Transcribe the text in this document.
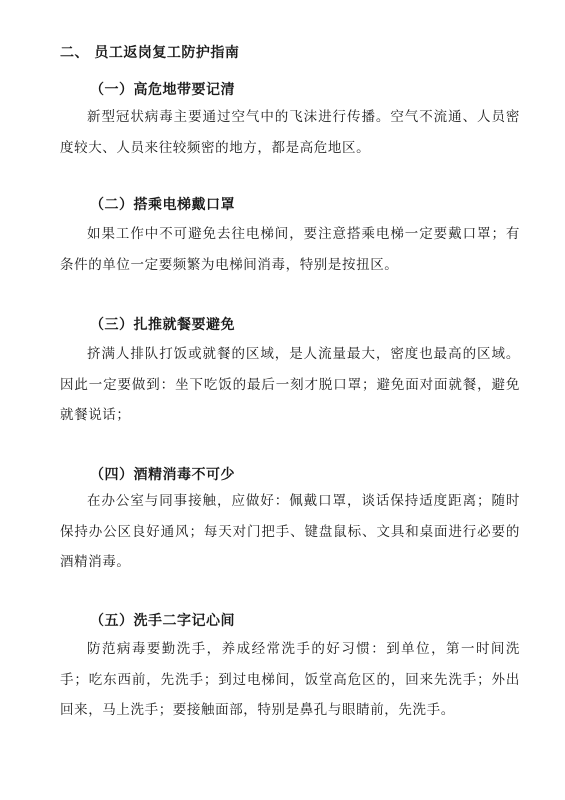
二、 员工返岗复工防护指南
（一）高危地带要记清
新型冠状病毒主要通过空气中的飞沫进行传播。空气不流通、人员密度较大、人员来往较频密的地方，都是高危地区。
（二）搭乘电梯戴口罩
如果工作中不可避免去往电梯间，要注意搭乘电梯一定要戴口罩；有条件的单位一定要频繁为电梯间消毒，特别是按扭区。
（三）扎推就餐要避免
挤满人排队打饭或就餐的区域，是人流量最大，密度也最高的区域。因此一定要做到：坐下吃饭的最后一刻才脱口罩；避免面对面就餐，避免就餐说话；
（四）酒精消毒不可少
在办公室与同事接触，应做好：佩戴口罩，谈话保持适度距离；随时保持办公区良好通风；每天对门把手、键盘鼠标、文具和桌面进行必要的酒精消毒。
（五）洗手二字记心间
防范病毒要勤洗手，养成经常洗手的好习惯：到单位，第一时间洗手；吃东西前，先洗手；到过电梯间，饭堂高危区的，回来先洗手；外出回来，马上洗手；要接触面部，特别是鼻孔与眼睛前，先洗手。
